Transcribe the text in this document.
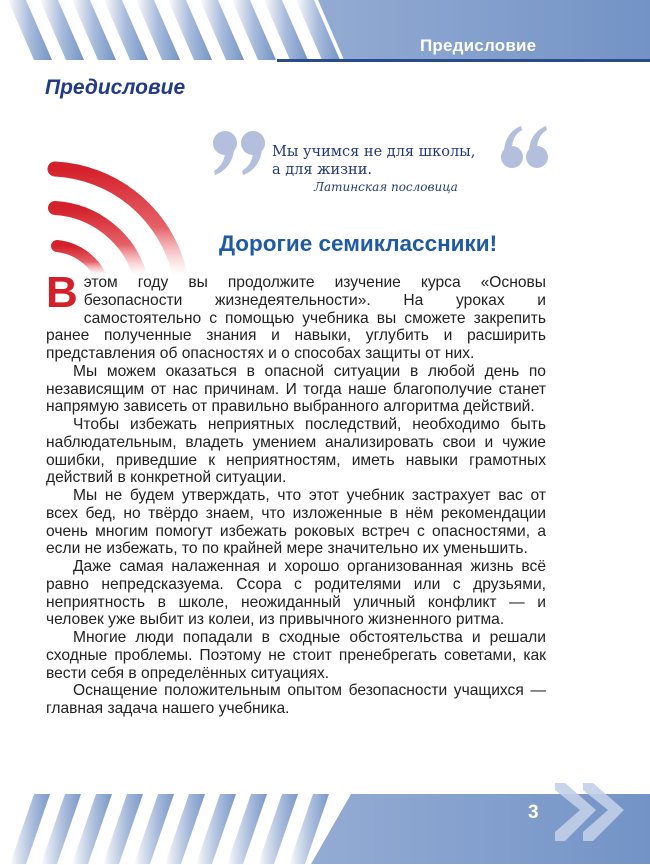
Предисловие
Предисловие
Мы учимся не для школы,
а для жизни.
Латинская пословица
Дорогие семиклассники!

В этом году вы продолжите изучение курса «Основы безопасности жизнедеятельности». На уроках и самостоятельно с помощью учебника вы сможете закрепить ранее полученные знания и навыки, углубить и расширить представления об опасностях и о способах защиты от них.

Мы можем оказаться в опасной ситуации в любой день по независящим от нас причинам. И тогда наше благополучие станет напрямую зависеть от правильно выбранного алгоритма действий.

Чтобы избежать неприятных последствий, необходимо быть наблюдательным, владеть умением анализировать свои и чужие ошибки, приведшие к неприятностям, иметь навыки грамотных действий в конкретной ситуации.

Мы не будем утверждать, что этот учебник застрахует вас от всех бед, но твёрдо знаем, что изложенные в нём рекомендации очень многим помогут избежать роковых встреч с опасностями, а если не избежать, то по крайней мере значительно их уменьшить.

Даже самая налаженная и хорошо организованная жизнь всё равно непредсказуема. Ссора с родителями или с друзьями, неприятность в школе, неожиданный уличный конфликт — и человек уже выбит из колеи, из привычного жизненного ритма.

Многие люди попадали в сходные обстоятельства и решали сходные проблемы. Поэтому не стоит пренебрегать советами, как вести себя в определённых ситуациях.

Оснащение положительным опытом безопасности учащихся — главная задача нашего учебника.

3
